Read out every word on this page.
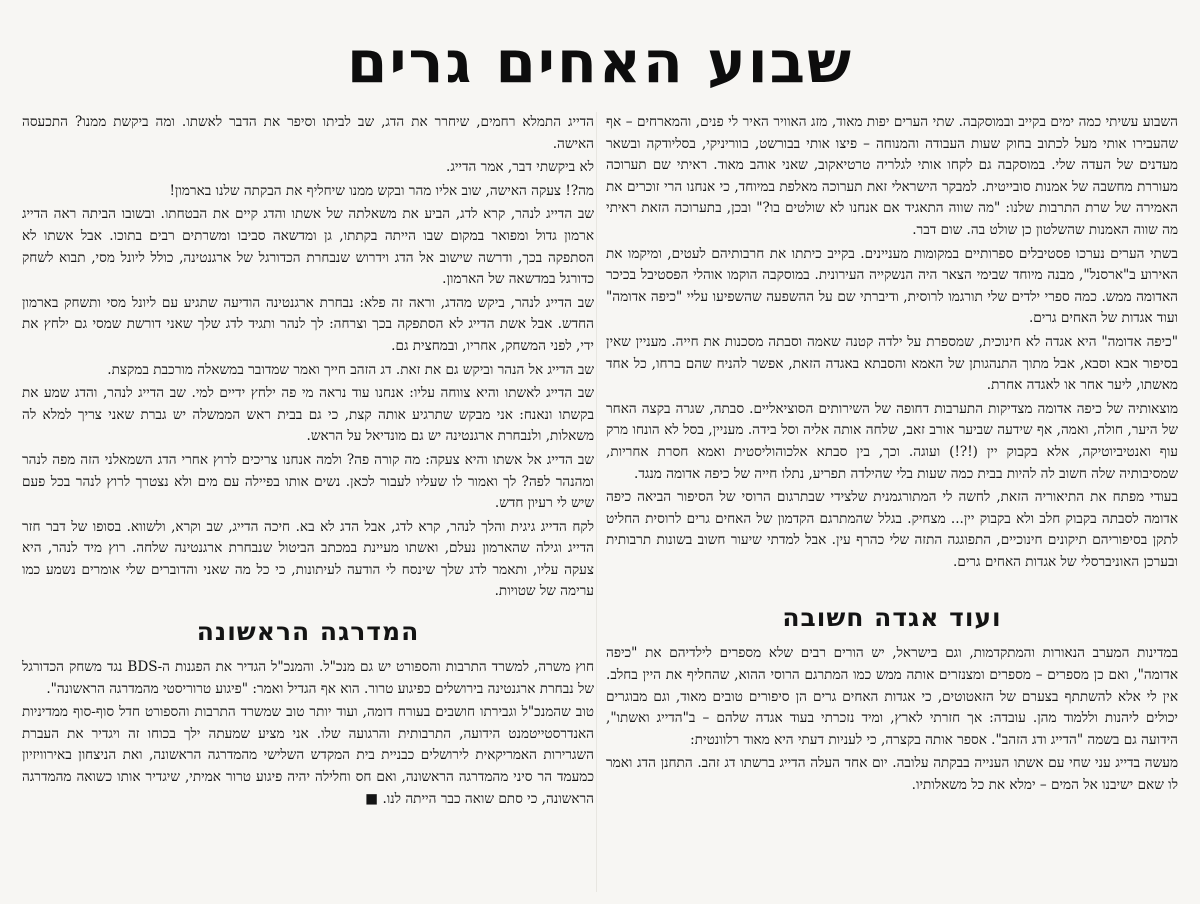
שבוע האחים גרים

השבוע עשיתי כמה ימים בקייב ובמוסקבה. שתי הערים יפות מאוד, מזג האוויר האיר לי פנים, והמארחים – אף שהעבירו אותי מעל לכתוב בחוק שעות העבודה והמנוחה – פיצו אותי בבורשט, בווריניקי, בסליודקה ובשאר מעדנים של העדה שלי. במוסקבה גם לקחו אותי לגלריה טרטיאקוב, שאני אוהב מאוד. ראיתי שם תערוכה מעוררת מחשבה של אמנות סובייטית. למבקר הישראלי זאת תערוכה מאלפת במיוחד, כי אנחנו הרי זוכרים את האמירה של שרת התרבות שלנו: "מה שווה התאגיד אם אנחנו לא שולטים בו?" ובכן, בתערוכה הזאת ראיתי מה שווה האמנות שהשלטון כן שולט בה. שום דבר.

בשתי הערים נערכו פסטיבלים ספרותיים במקומות מעניינים. בקייב כיתתו את חרבותיהם לעטים, ומיקמו את האירוע ב"ארסנל", מבנה מיוחד שבימי הצאר היה הנשקייה העירונית. במוסקבה הוקמו אוהלי הפסטיבל בכיכר האדומה ממש. כמה ספרי ילדים שלי תורגמו לרוסית, ודיברתי שם על ההשפעה שהשפיעו עליי "כיפה אדומה" ועוד אגדות של האחים גרים.

"כיפה אדומה" היא אגדה לא חינוכית, שמספרת על ילדה קטנה שאמה וסבתה מסכנות את חייה. מעניין שאין בסיפור אבא וסבא, אבל מתוך התנהגותן של האמא והסבתא באגדה הזאת, אפשר להניח שהם ברחו, כל אחד מאשתו, ליער אחר או לאגדה אחרת.

מוצאותיה של כיפה אדומה מצדיקות התערבות דחופה של השירותים הסוציאליים. סבתה, שגרה בקצה האחר של היער, חולה, ואמה, אף שידעה שביער אורב זאב, שלחה אותה אליה וסל בידה. מעניין, בסל לא הונחו מרק עוף ואנטיביוטיקה, אלא בקבוק יין (!?!) ועוגה. וכך, בין סבתא אלכוהוליסטית ואמא חסרת אחריות, שמסיבותיה שלה חשוב לה להיות בבית כמה שעות בלי שהילדה תפריע, נתלו חייה של כיפה אדומה מנגד.

בעודי מפתח את התיאוריה הזאת, לחשה לי המתורגמנית שלצידי שבתרגום הרוסי של הסיפור הביאה כיפה אדומה לסבתה בקבוק חלב ולא בקבוק יין... מצחיק. בגלל שהמתרגם הקדמון של האחים גרים לרוסית החליט לתקן בסיפוריהם תיקונים חינוכיים, התפוגגה התזה שלי כהרף עין. אבל למדתי שיעור חשוב בשונות תרבותית ובערכן האוניברסלי של אגדות האחים גרים.

ועוד אגדה חשובה

במדינות המערב הנאורות והמתקדמות, וגם בישראל, יש הורים רבים שלא מספרים לילדיהם את "כיפה אדומה", ואם כן מספרים – מספרים ומצנזרים אותה ממש כמו המתרגם הרוסי ההוא, שהחליף את היין בחלב. אין לי אלא להשתתף בצערם של הזאטוטים, כי אגדות האחים גרים הן סיפורים טובים מאוד, וגם מבוגרים יכולים ליהנות וללמוד מהן. עובדה: אך חזרתי לארץ, ומיד נזכרתי בעוד אגדה שלהם – ב"הדייג ואשתו", הידועה גם בשמה "הדייג ודג הזהב". אספר אותה בקצרה, כי לעניות דעתי היא מאוד רלוונטית:

מעשה בדייג עני שחי עם אשתו הענייה בבקתה עלובה. יום אחד העלה הדייג ברשתו דג זהב. התחנן הדג ואמר לו שאם ישיבנו אל המים – ימלא את כל משאלותיו.

הדייג התמלא רחמים, שיחרר את הדג, שב לביתו וסיפר את הדבר לאשתו. ומה ביקשת ממנו? התכעסה האישה.

לא ביקשתי דבר, אמר הדייג.

מה?! צעקה האישה, שוב אליו מהר ובקש ממנו שיחליף את הבקתה שלנו בארמון!

שב הדייג לנהר, קרא לדג, הביע את משאלתה של אשתו והדג קיים את הבטחתו. ובשובו הביתה ראה הדייג ארמון גדול ומפואר במקום שבו הייתה בקתתו, גן ומדשאה סביבו ומשרתים רבים בתוכו. אבל אשתו לא הסתפקה בכך, ודרשה שישוב אל הדג וידרוש שנבחרת הכדורגל של ארגנטינה, כולל ליונל מסי, תבוא לשחק כדורגל במדשאה של הארמון.

שב הדייג לנהר, ביקש מהדג, וראה זה פלא: נבחרת ארגנטינה הודיעה שתגיע עם ליונל מסי ותשחק בארמון החדש. אבל אשת הדייג לא הסתפקה בכך וצרחה: לך לנהר ותגיד לדג שלך שאני דורשת שמסי גם ילחץ את ידי, לפני המשחק, אחריו, ובמחצית גם.

שב הדייג אל הנהר וביקש גם את זאת. דג הזהב חייך ואמר שמדובר במשאלה מורכבת במקצת.

שב הדייג לאשתו והיא צווחה עליו: אנחנו עוד נראה מי פה ילחץ ידיים למי. שב הדייג לנהר, והדג שמע את בקשתו ונאנח: אני מבקש שתרגיע אותה קצת, כי גם בבית ראש הממשלה יש גברת שאני צריך למלא לה משאלות, ולנבחרת ארגנטינה יש גם מונדיאל על הראש.

שב הדייג אל אשתו והיא צעקה: מה קורה פה? ולמה אנחנו צריכים לרוץ אחרי הדג השמאלני הזה מפה לנהר ומהנהר לפה? לך ואמור לו שעליו לעבור לכאן. נשים אותו בפיילה עם מים ולא נצטרך לרוץ לנהר בכל פעם שיש לי רעיון חדש.

לקח הדייג גיגית והלך לנהר, קרא לדג, אבל הדג לא בא. חיכה הדייג, שב וקרא, ולשווא. בסופו של דבר חזר הדייג וגילה שהארמון נעלם, ואשתו מעיינת במכתב הביטול שנבחרת ארגנטינה שלחה. רוץ מיד לנהר, היא צעקה עליו, ותאמר לדג שלך שינסח לי הודעה לעיתונות, כי כל מה שאני והדוברים שלי אומרים נשמע כמו ערימה של שטויות.

המדרגה הראשונה

חוץ משרה, למשרד התרבות והספורט יש גם מנכ"ל. והמנכ"ל הגדיר את הפגנות ה-BDS נגד משחק הכדורגל של נבחרת ארגנטינה בירושלים כפיגוע טרור. הוא אף הגדיל ואמר: "פיגוע טרוריסטי מהמדרגה הראשונה".

טוב שהמנכ"ל וגבירתו חושבים בעורח דומה, ועוד יותר טוב שמשרד התרבות והספורט חדל סוף-סוף ממדיניות האנדרסטייטמנט הידועה, התרבותית והרגועה שלו. אני מציע שמעתה ילך בכוחו זה ויגדיר את העברת השגרירות האמריקאית לירושלים כבניית בית המקדש השלישי מהמדרגה הראשונה, ואת הניצחון באירוויזיון כמעמד הר סיני מהמדרגה הראשונה, ואם חס וחלילה יהיה פיגוע טרור אמיתי, שיגדיר אותו כשואה מהמדרגה הראשונה, כי סתם שואה כבר הייתה לנו. ■
